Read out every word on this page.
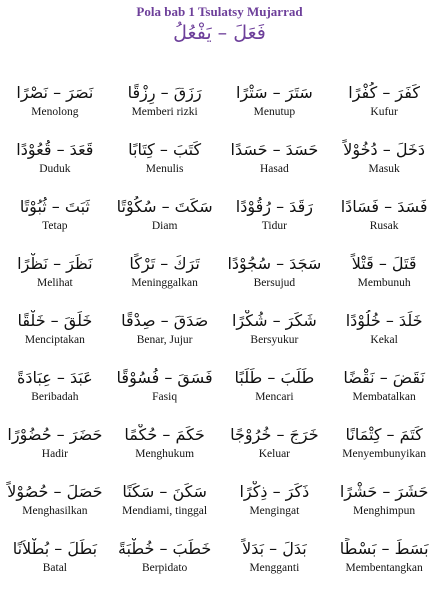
Pola bab 1 Tsulatsy Mujarrad
فَعَلَ – يَفْعُلُ
نَصَرَ – نَصْرًا
Menolong
رَزَقَ – رِزْقًا
Memberi rizki
سَتَرَ – سَتْرًا
Menutup
كَفَرَ – كُفْرًا
Kufur
قَعَدَ – قُعُوْدًا
Duduk
كَتَبَ – كِتَابًا
Menulis
حَسَدَ – حَسَدًا
Hasad
دَخَلَ – دُخُوْلاً
Masuk
ثَبَتَ – ثُبُوْتًا
Tetap
سَكَتَ – سُكُوْتًا
Diam
رَقَدَ – رُقُوْدًا
Tidur
فَسَدَ – فَسَادًا
Rusak
نَظَرَ – نَظْرًا
Melihat
تَرَكَ – تَرْكًا
Meninggalkan
سَجَدَ – سُجُوْدًا
Bersujud
قَتَلَ – قَتْلاً
Membunuh
خَلَقَ – خَلْقًا
Menciptakan
صَدَقَ – صِدْقًا
Benar, Jujur
شَكَرَ – شُكْرًا
Bersyukur
خَلَدَ – خُلُوْدًا
Kekal
عَبَدَ – عِبَادَةً
Beribadah
فَسَقَ – فُسُوْقًا
Fasiq
طَلَبَ – طَلَبًا
Mencari
نَقَضَ – نَقْضًا
Membatalkan
حَضَرَ – حُضُوْرًا
Hadir
حَكَمَ – حُكْمًا
Menghukum
خَرَجَ – خُرُوْجًا
Keluar
كَتَمَ – كِتْمَانًا
Menyembunyikan
حَصَلَ – حُصُوْلاً
Menghasilkan
سَكَنَ – سَكَنًا
Mendiami, tinggal
ذَكَرَ – ذِكْرًا
Mengingat
حَشَرَ – حَشْرًا
Menghimpun
بَطَلَ – بُطْلاَنًا
Batal
خَطَبَ – خُطْبَةً
Berpidato
بَدَلَ – بَدَلاً
Mengganti
بَسَطَ – بَسْطًا
Membentangkan
